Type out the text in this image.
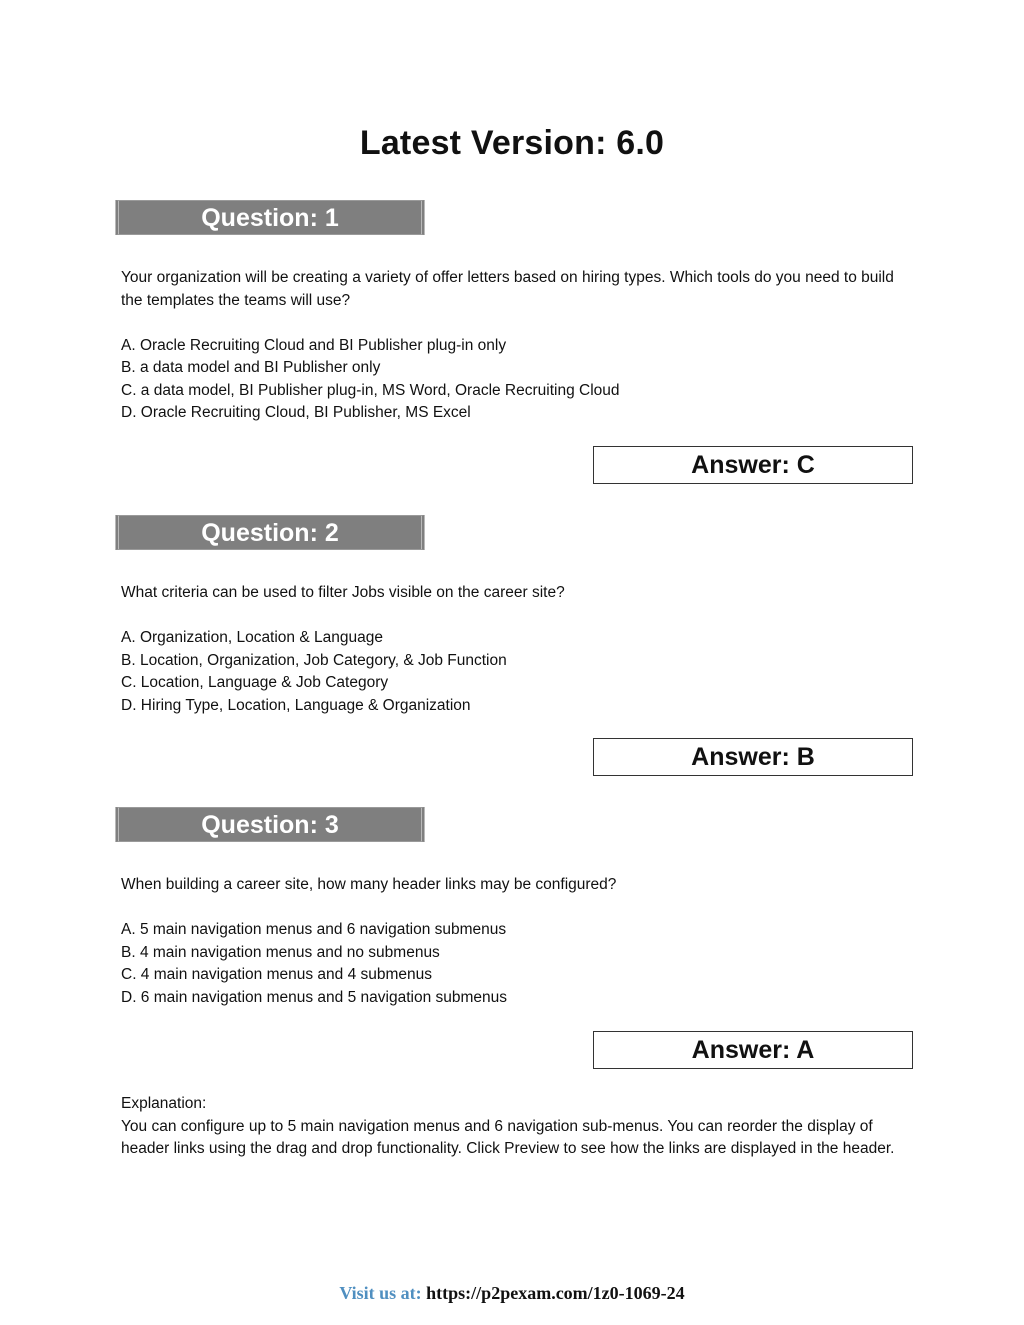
Latest Version: 6.0
Question: 1

Your organization will be creating a variety of offer letters based on hiring types. Which tools do you need to build the templates the teams will use?

A. Oracle Recruiting Cloud and BI Publisher plug-in only

B. a data model and BI Publisher only

C. a data model, BI Publisher plug-in, MS Word, Oracle Recruiting Cloud

D. Oracle Recruiting Cloud, BI Publisher, MS Excel

Answer: C
Question: 2

What criteria can be used to filter Jobs visible on the career site?

A. Organization, Location & Language

B. Location, Organization, Job Category, & Job Function

C. Location, Language & Job Category

D. Hiring Type, Location, Language & Organization

Answer: B
Question: 3

When building a career site, how many header links may be configured?

A. 5 main navigation menus and 6 navigation submenus

B. 4 main navigation menus and no submenus

C. 4 main navigation menus and 4 submenus

D. 6 main navigation menus and 5 navigation submenus

Answer: A

Explanation:

You can configure up to 5 main navigation menus and 6 navigation sub-menus. You can reorder the display of header links using the drag and drop functionality. Click Preview to see how the links are displayed in the header.

Visit us at: https://p2pexam.com/1z0-1069-24
